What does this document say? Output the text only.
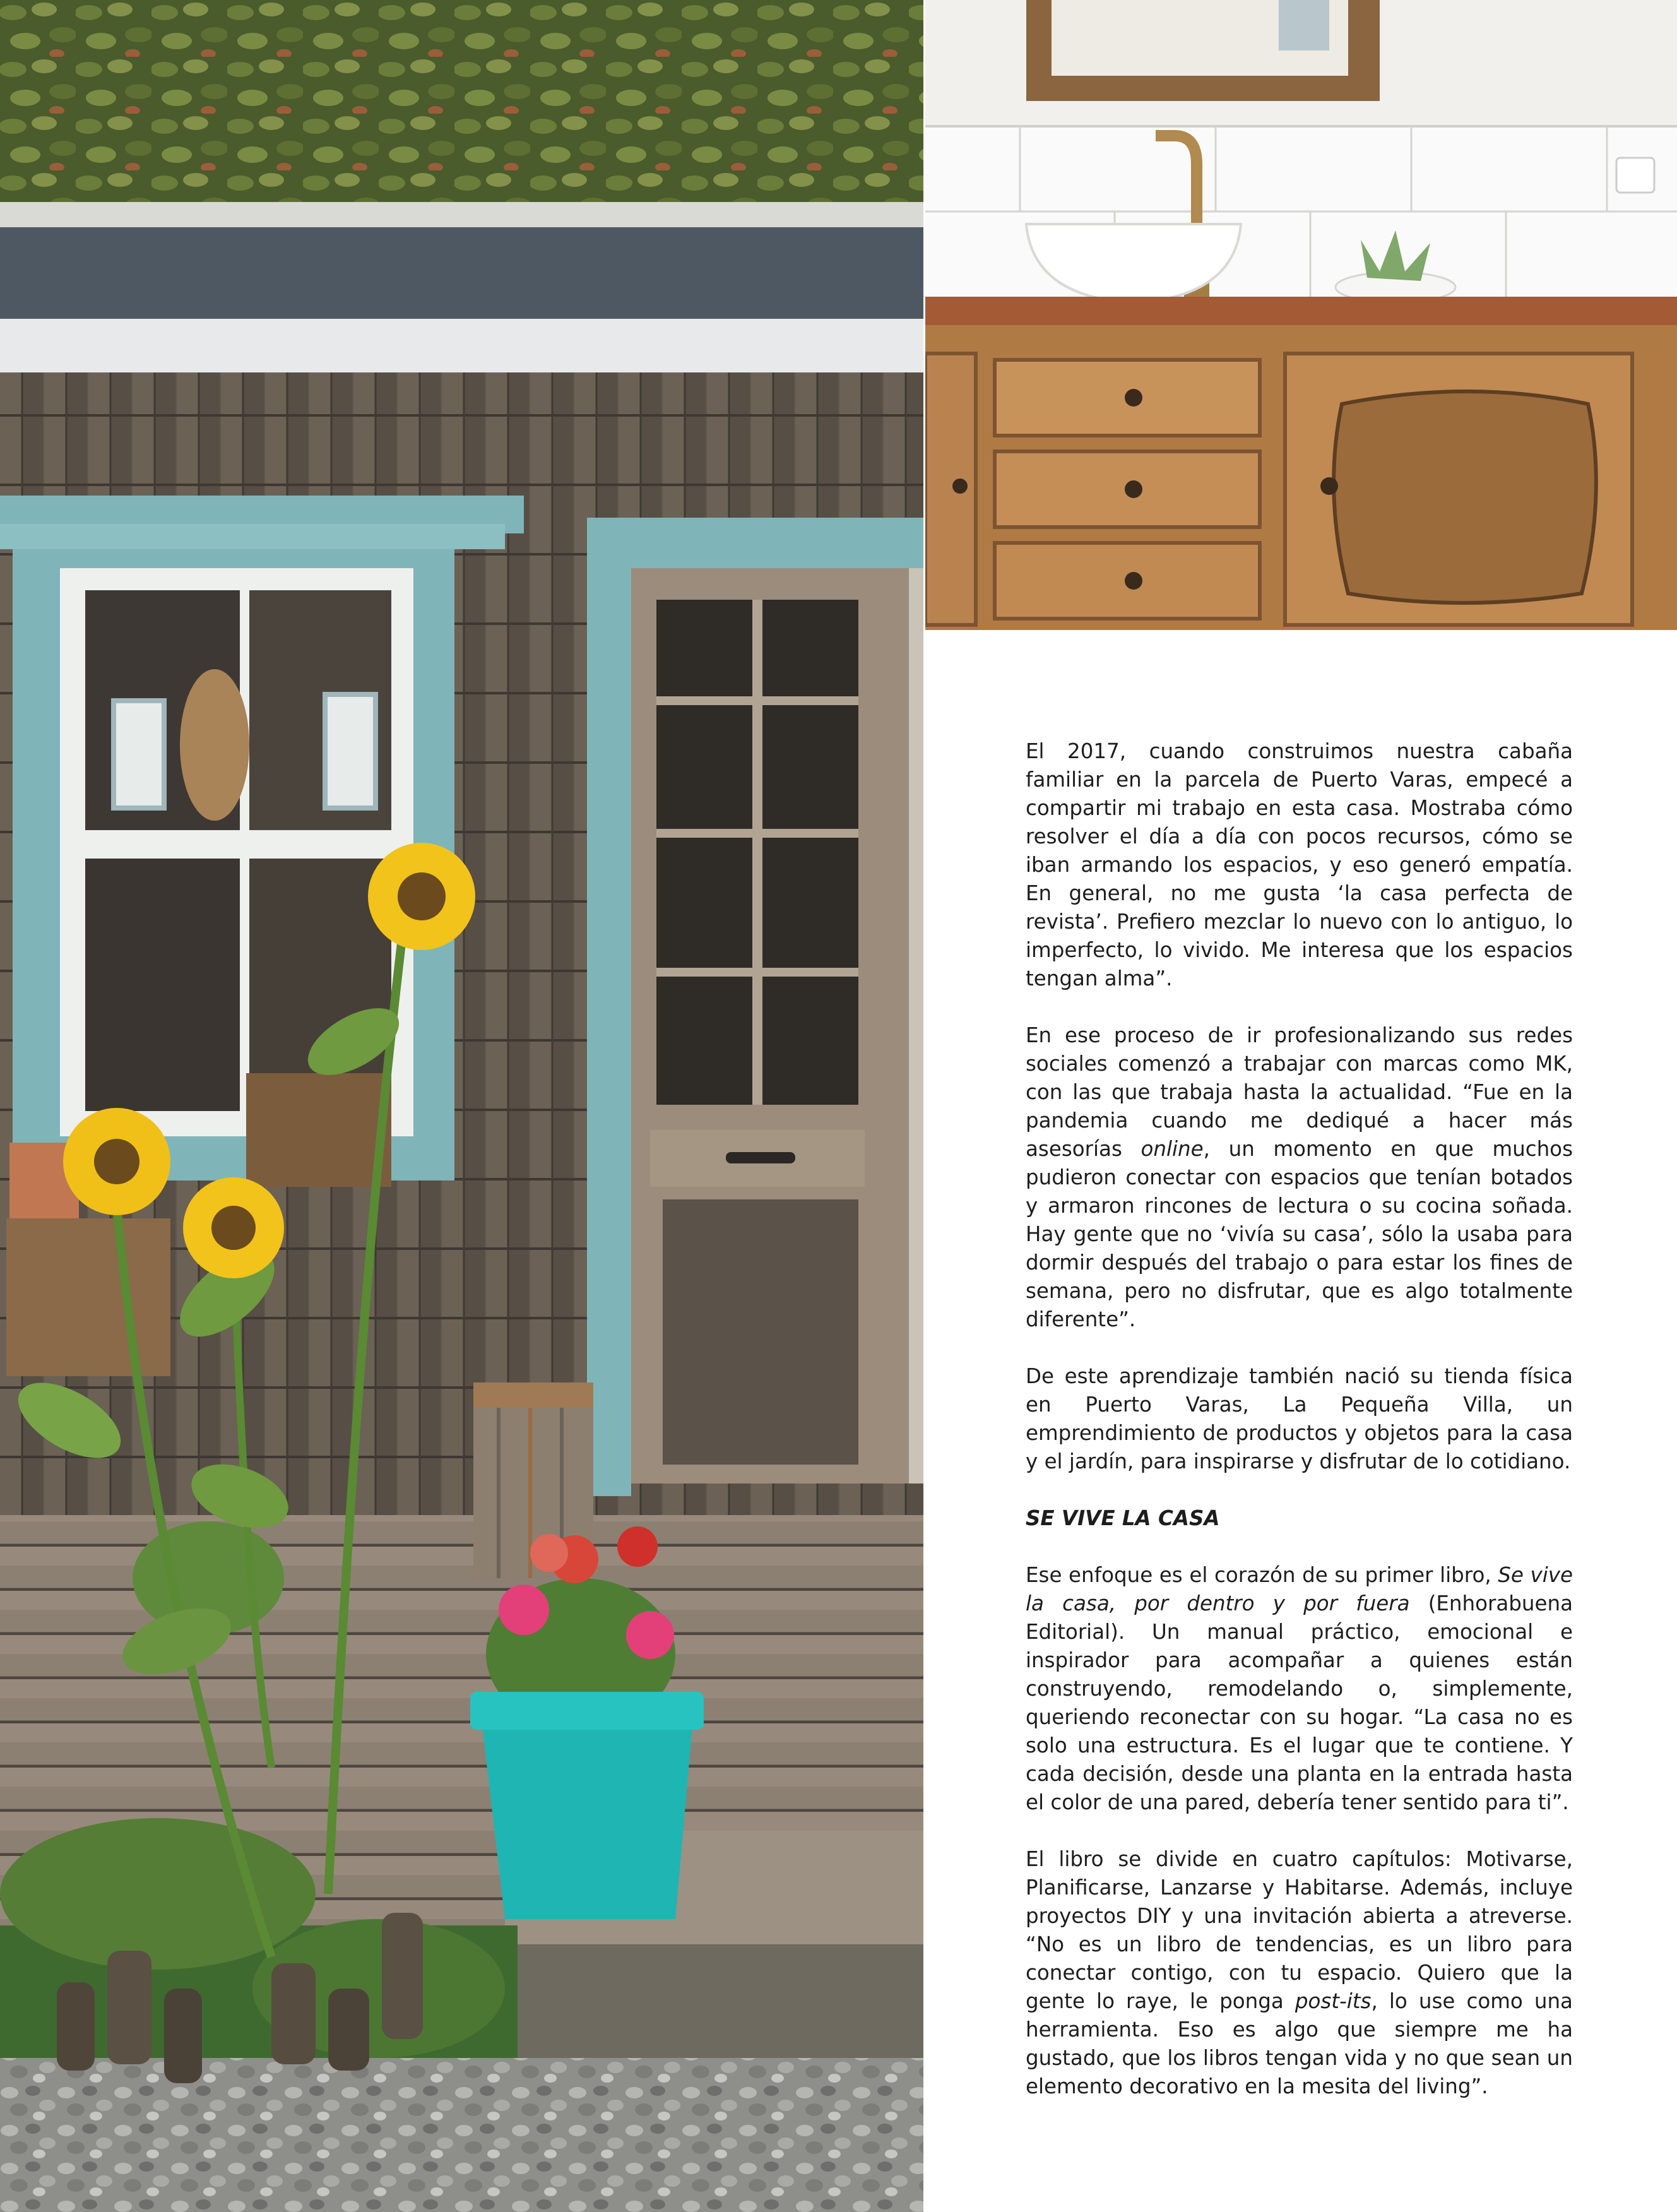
El 2017, cuando construimos nuestra cabaña familiar en la parcela de Puerto Varas, empecé a compartir mi trabajo en esta casa. Mostraba cómo resolver el día a día con pocos recursos, cómo se iban armando los espacios, y eso generó empatía. En general, no me gusta ‘la casa perfecta de revista’. Prefiero mezclar lo nuevo con lo antiguo, lo imperfecto, lo vivido. Me interesa que los espacios tengan alma”.

En ese proceso de ir profesionalizando sus redes sociales comenzó a trabajar con marcas como MK, con las que trabaja hasta la actualidad. “Fue en la pandemia cuando me dediqué a hacer más asesorías online, un momento en que muchos pudieron conectar con espacios que tenían botados y armaron rincones de lectura o su cocina soñada. Hay gente que no ‘vivía su casa’, sólo la usaba para dormir después del trabajo o para estar los fines de semana, pero no disfrutar, que es algo totalmente diferente”.

De este aprendizaje también nació su tienda física en Puerto Varas, La Pequeña Villa, un emprendimiento de productos y objetos para la casa y el jardín, para inspirarse y disfrutar de lo cotidiano.

SE VIVE LA CASA

Ese enfoque es el corazón de su primer libro, Se vive la casa, por dentro y por fuera (Enhorabuena Editorial). Un manual práctico, emocional e inspirador para acompañar a quienes están construyendo, remodelando o, simplemente, queriendo reconectar con su hogar. “La casa no es solo una estructura. Es el lugar que te contiene. Y cada decisión, desde una planta en la entrada hasta el color de una pared, debería tener sentido para ti”.

El libro se divide en cuatro capítulos: Motivarse, Planificarse, Lanzarse y Habitarse. Además, incluye proyectos DIY y una invitación abierta a atreverse. “No es un libro de tendencias, es un libro para conectar contigo, con tu espacio. Quiero que la gente lo raye, le ponga post-its, lo use como una herramienta. Eso es algo que siempre me ha gustado, que los libros tengan vida y no que sean un elemento decorativo en la mesita del living”.
